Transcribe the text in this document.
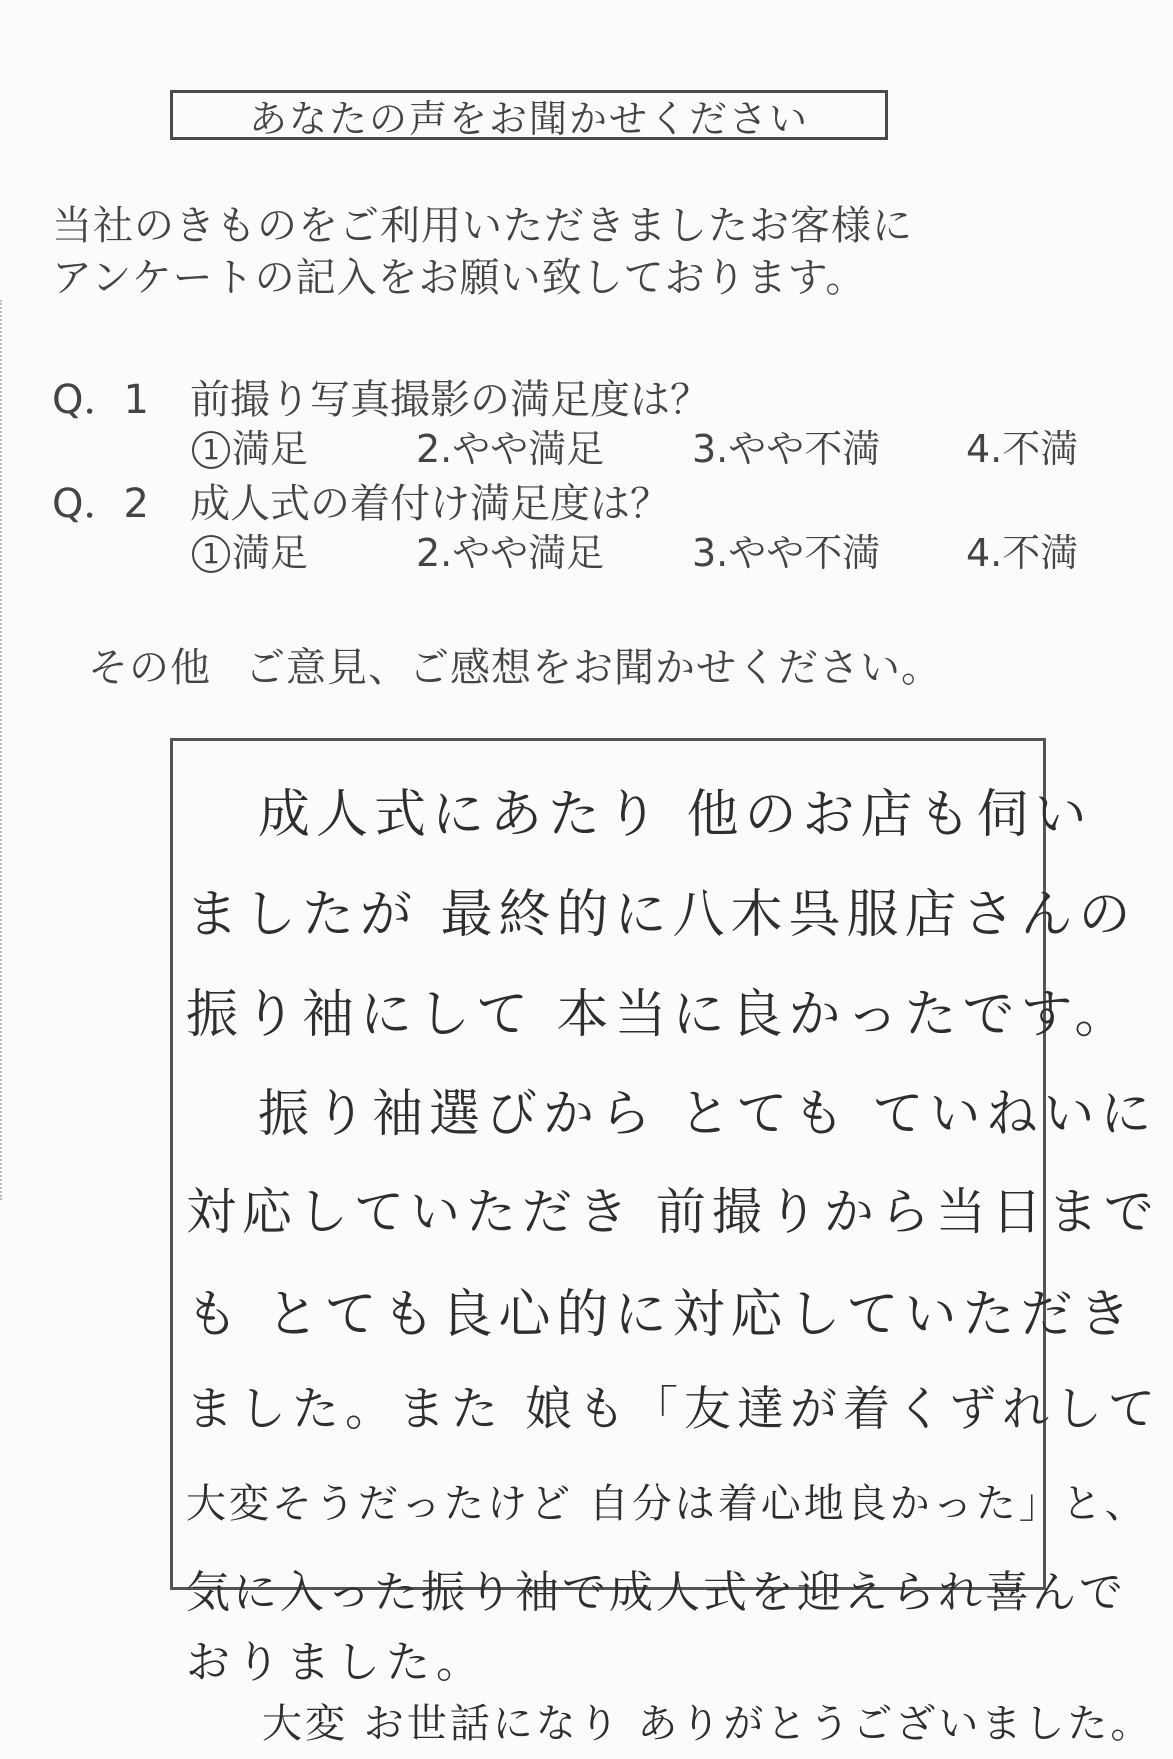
あなたの声をお聞かせください
当社のきものをご利用いただきましたお客様に
アンケートの記入をお願い致しております。
Q．1 前撮り写真撮影の満足度は？
1 満足	2.やや満足 3.やや不満 4.不満
Q．2 成人式の着付け満足度は？
1 満足	2.やや満足 3.やや不満 4.不満
その他 ご意見、ご感想をお聞かせください。
成人式にあたり 他のお店も伺い
ましたが 最終的に八木呉服店さんの
振り袖にして 本当に良かったです。
振り袖選びから とても ていねいに
対応していただき 前撮りから当日まで
も とても良心的に対応していただき
ました。また 娘も「友達が着くずれして
大変そうだったけど 自分は着心地良かった」と、
気に入った振り袖で成人式を迎えられ喜んで
おりました。
大変 お世話になり ありがとうございました。
